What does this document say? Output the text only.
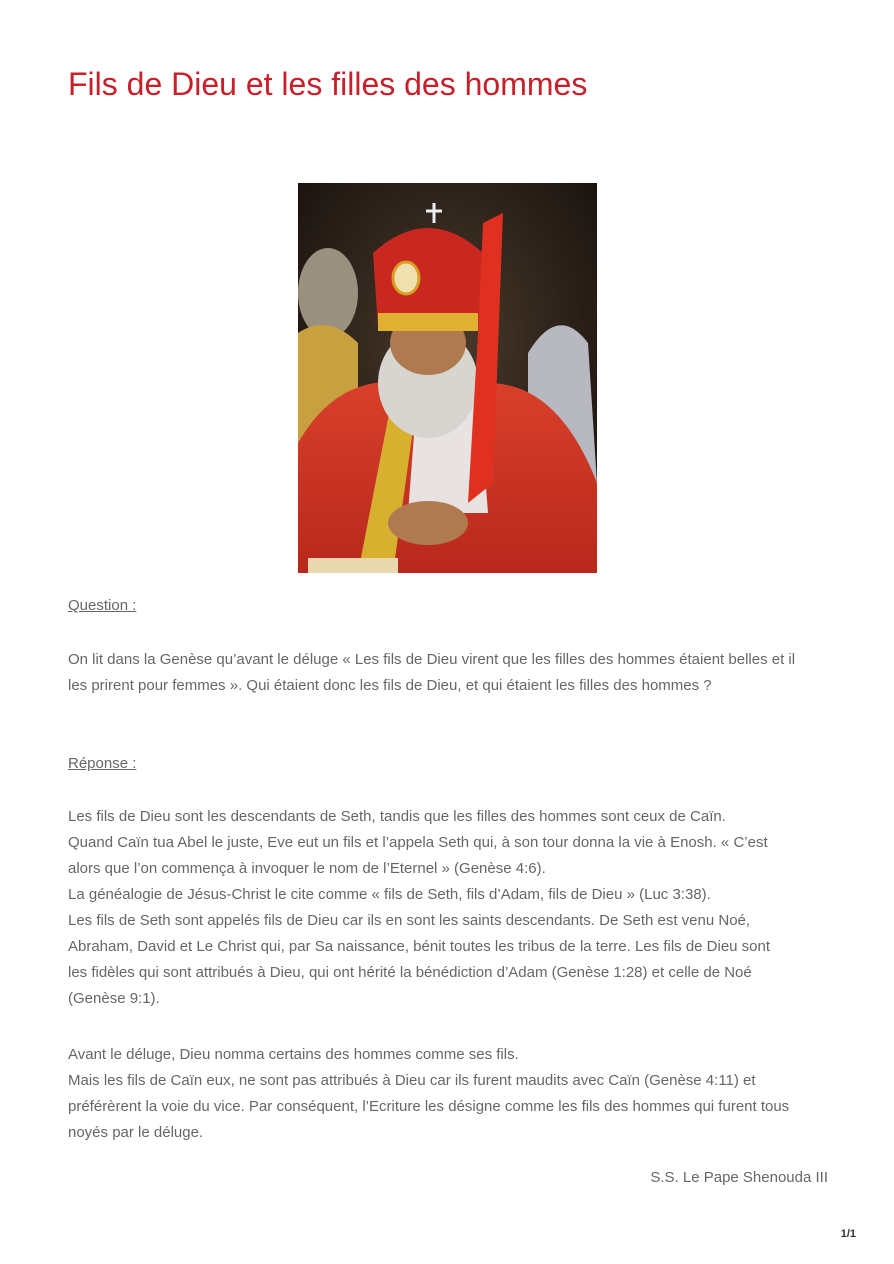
Fils de Dieu et les filles des hommes
Question :
On lit dans la Genèse qu’avant le déluge « Les fils de Dieu virent que les filles des hommes étaient belles et il
les prirent pour femmes ». Qui étaient donc les fils de Dieu, et qui étaient les filles des hommes ?
Réponse :
Les fils de Dieu sont les descendants de Seth, tandis que les filles des hommes sont ceux de Caïn.
Quand Caïn tua Abel le juste, Eve eut un fils et l’appela Seth qui, à son tour donna la vie à Enosh. « C’est
alors que l’on commença à invoquer le nom de l’Eternel » (Genèse 4:6).
La généalogie de Jésus-Christ le cite comme « fils de Seth, fils d’Adam, fils de Dieu » (Luc 3:38).
Les fils de Seth sont appelés fils de Dieu car ils en sont les saints descendants. De Seth est venu Noé,
Abraham, David et Le Christ qui, par Sa naissance, bénit toutes les tribus de la terre. Les fils de Dieu sont
les fidèles qui sont attribués à Dieu, qui ont hérité la bénédiction d’Adam (Genèse 1:28) et celle de Noé
(Genèse 9:1).
Avant le déluge, Dieu nomma certains des hommes comme ses fils.
Mais les fils de Caïn eux, ne sont pas attribués à Dieu car ils furent maudits avec Caïn (Genèse 4:11) et
préférèrent la voie du vice. Par conséquent, l’Ecriture les désigne comme les fils des hommes qui furent tous
noyés par le déluge.
S.S. Le Pape Shenouda III
1/1
